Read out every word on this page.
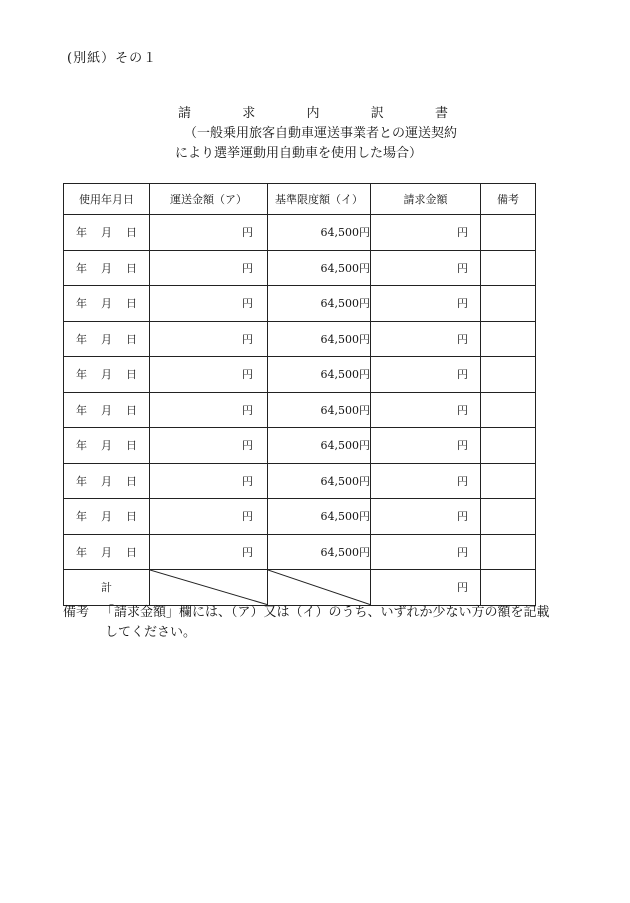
(別紙）その１
請	求	内	訳	書
（一般乗用旅客自動車運送事業者との運送契約
により選挙運動用自動車を使用した場合）
使用年月日	運送金額（ア）	基準限度額（イ）	請求金額	備考
年 月 日	円	64,500円	円	
年 月 日	円	64,500円	円	
年 月 日	円	64,500円	円	
年 月 日	円	64,500円	円	
年 月 日	円	64,500円	円	
年 月 日	円	64,500円	円	
年 月 日	円	64,500円	円	
年 月 日	円	64,500円	円	
年 月 日	円	64,500円	円	
年 月 日	円	64,500円	円	
計			円	
備考 「請求金額」欄には、（ア）又は（イ）のうち、いずれか少ない方の額を記載
してください。
